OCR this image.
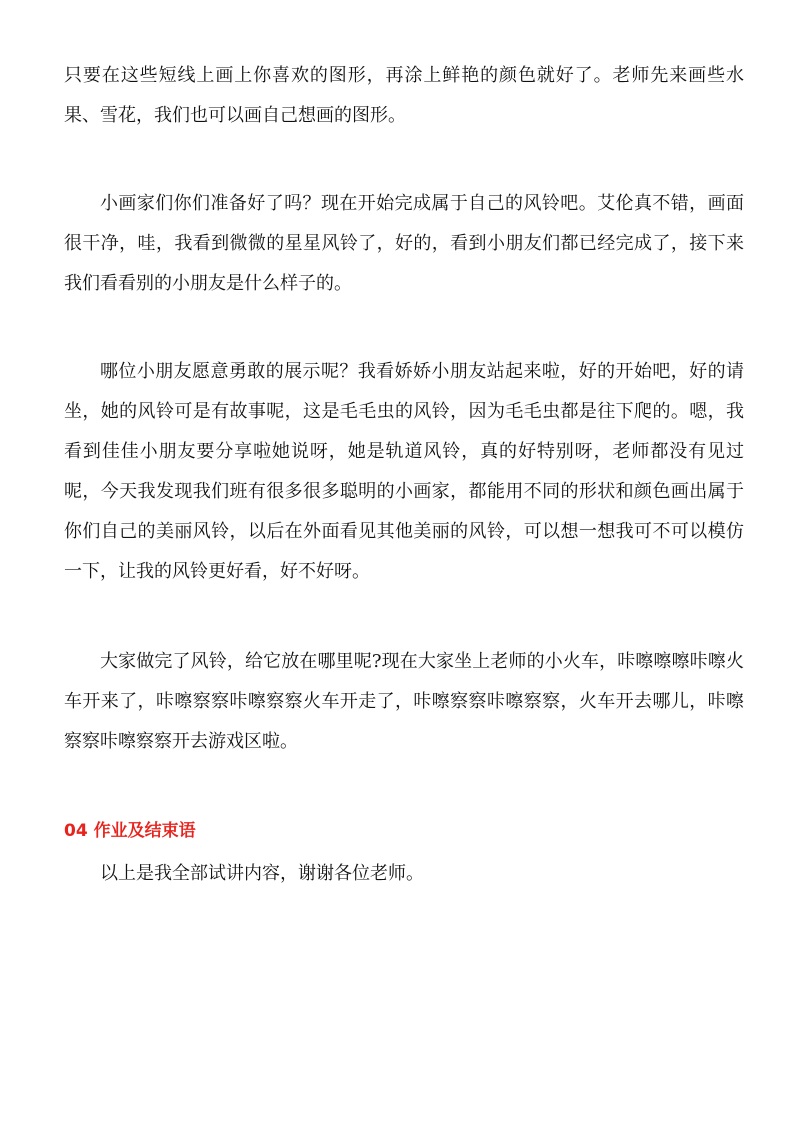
只要在这些短线上画上你喜欢的图形，再涂上鲜艳的颜色就好了。老师先来画些水果、雪花，我们也可以画自己想画的图形。

小画家们你们准备好了吗？现在开始完成属于自己的风铃吧。艾伦真不错，画面很干净，哇，我看到微微的星星风铃了，好的，看到小朋友们都已经完成了，接下来我们看看别的小朋友是什么样子的。

哪位小朋友愿意勇敢的展示呢？我看娇娇小朋友站起来啦，好的开始吧，好的请坐，她的风铃可是有故事呢，这是毛毛虫的风铃，因为毛毛虫都是往下爬的。嗯，我看到佳佳小朋友要分享啦她说呀，她是轨道风铃，真的好特别呀，老师都没有见过呢，今天我发现我们班有很多很多聪明的小画家，都能用不同的形状和颜色画出属于你们自己的美丽风铃，以后在外面看见其他美丽的风铃，可以想一想我可不可以模仿一下，让我的风铃更好看，好不好呀。

大家做完了风铃，给它放在哪里呢?现在大家坐上老师的小火车，咔嚓嚓嚓咔嚓火车开来了，咔嚓察察咔嚓察察火车开走了，咔嚓察察咔嚓察察，火车开去哪儿，咔嚓察察咔嚓察察开去游戏区啦。

04 作业及结束语

以上是我全部试讲内容，谢谢各位老师。
